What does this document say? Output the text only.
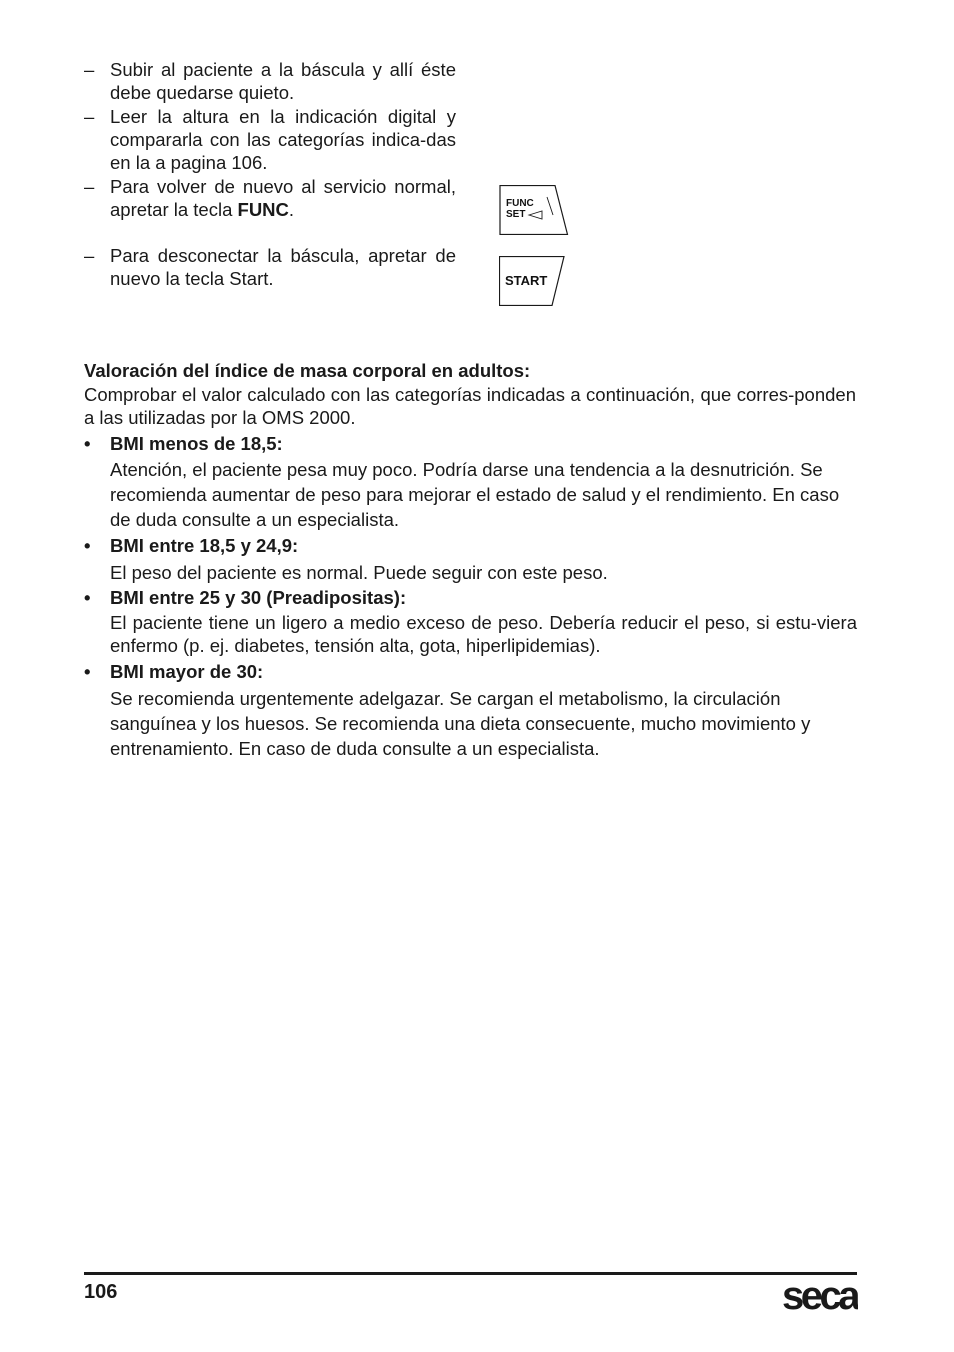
– Subir al paciente a la báscula y allí éste debe quedarse quieto.
– Leer la altura en la indicación digital y compararla con las categorías indica-das en la a pagina 106.
– Para volver de nuevo al servicio normal, apretar la tecla FUNC.
– Para desconectar la báscula, apretar de nuevo la tecla Start.
FUNC
SET
START
Valoración del índice de masa corporal en adultos:
Comprobar el valor calculado con las categorías indicadas a continuación, que corres-ponden a las utilizadas por la OMS 2000.
• BMI menos de 18,5:
Atención, el paciente pesa muy poco. Podría darse una tendencia a la desnutrición. Se recomienda aumentar de peso para mejorar el estado de salud y el rendimiento. En caso de duda consulte a un especialista.
• BMI entre 18,5 y 24,9:
El peso del paciente es normal. Puede seguir con este peso.
• BMI entre 25 y 30 (Preadipositas):
El paciente tiene un ligero a medio exceso de peso. Debería reducir el peso, si estu-viera enfermo (p. ej. diabetes, tensión alta, gota, hiperlipidemias).
• BMI mayor de 30:
Se recomienda urgentemente adelgazar. Se cargan el metabolismo, la circulación sanguínea y los huesos. Se recomienda una dieta consecuente, mucho movimiento y entrenamiento. En caso de duda consulte a un especialista.
106	seca
